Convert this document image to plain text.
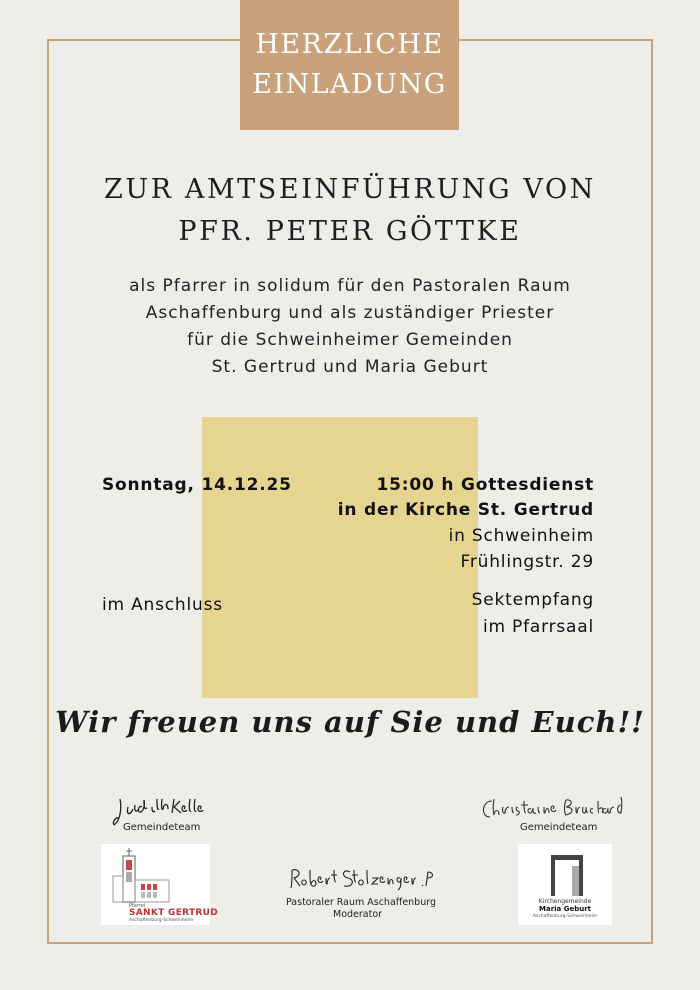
HERZLICHE
EINLADUNG
ZUR AMTSEINFÜHRUNG VON
PFR. PETER GÖTTKE
als Pfarrer in solidum für den Pastoralen Raum
Aschaffenburg und als zuständiger Priester
für die Schweinheimer Gemeinden
St. Gertrud und Maria Geburt
Sonntag, 14.12.25	15:00 h Gottesdienst
in der Kirche St. Gertrud
in Schweinheim
Frühlingstr. 29
im Anschluss	Sektempfang
im Pfarrsaal
Wir freuen uns auf Sie und Euch!!
Gemeindeteam	Gemeindeteam
Pastoraler Raum Aschaffenburg
Moderator
Pfarrei
SANKT GERTRUD
Aschaffenburg-Schweinheim
Kirchengemeinde
Maria Geburt
Aschaffenburg-Schweinheim
